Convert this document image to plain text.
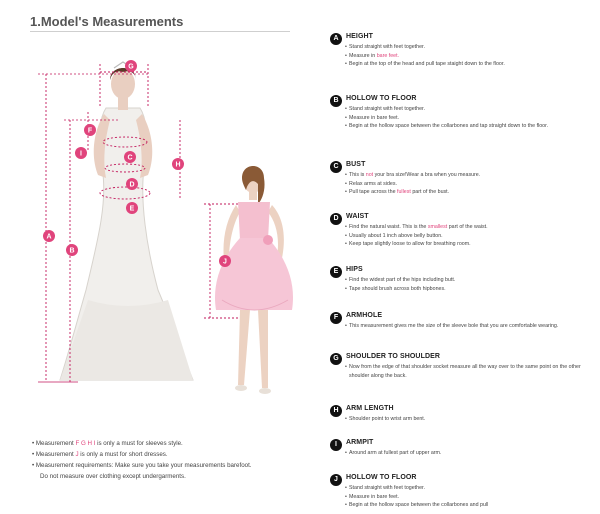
1.Model's Measurements
G
F
I
C
D
E
H
A
B
J
A	HEIGHT
• Stand straight with feet together.
• Measure in bare feet.
• Begin at the top of the head and pull tape staight down to the floor.
B	HOLLOW TO FLOOR
• Stand straight with feet together.
• Measure in bare feet.
• Begin at the hollow space between the collarbones and tap straight down to the floor.
C	BUST
• This is not your bra size!Wear a bra when you measure.
• Relax arms at sides.
• Pull tape across the fullest part of the bust.
D	WAIST
• Find the natural waist. This is the smallest part of the waist.
• Usually about 1 inch above belly button.
• Keep tape slightly loose to allow for breathing room.
E	HIPS
• Find the widest part of the hips including butt.
• Tape should brush across both hipbones.
F	ARMHOLE
• This measurement gives me the size of the sleeve bole that you are comfortable wearing.
G	SHOULDER TO SHOULDER
• Now from the edge of that shoulder socket measure all the way over to the same point on the other shoulder along the back.
H	ARM LENGTH
• Shoulder point to wrist arm bent.
I	ARMPIT
• Around arm at fullest part of upper arm.
J	HOLLOW TO FLOOR
• Stand straight with feet together.
• Measure in bare feet.
• Begin at the hollow space between the collarbones and pull
• Measurement F G H I is only a must for sleeves style.
• Measurement J is only a must for short dresses.
• Measurement requirements: Make sure you take your measurements barefoot.
Do not measure over clothing except undergarments.
